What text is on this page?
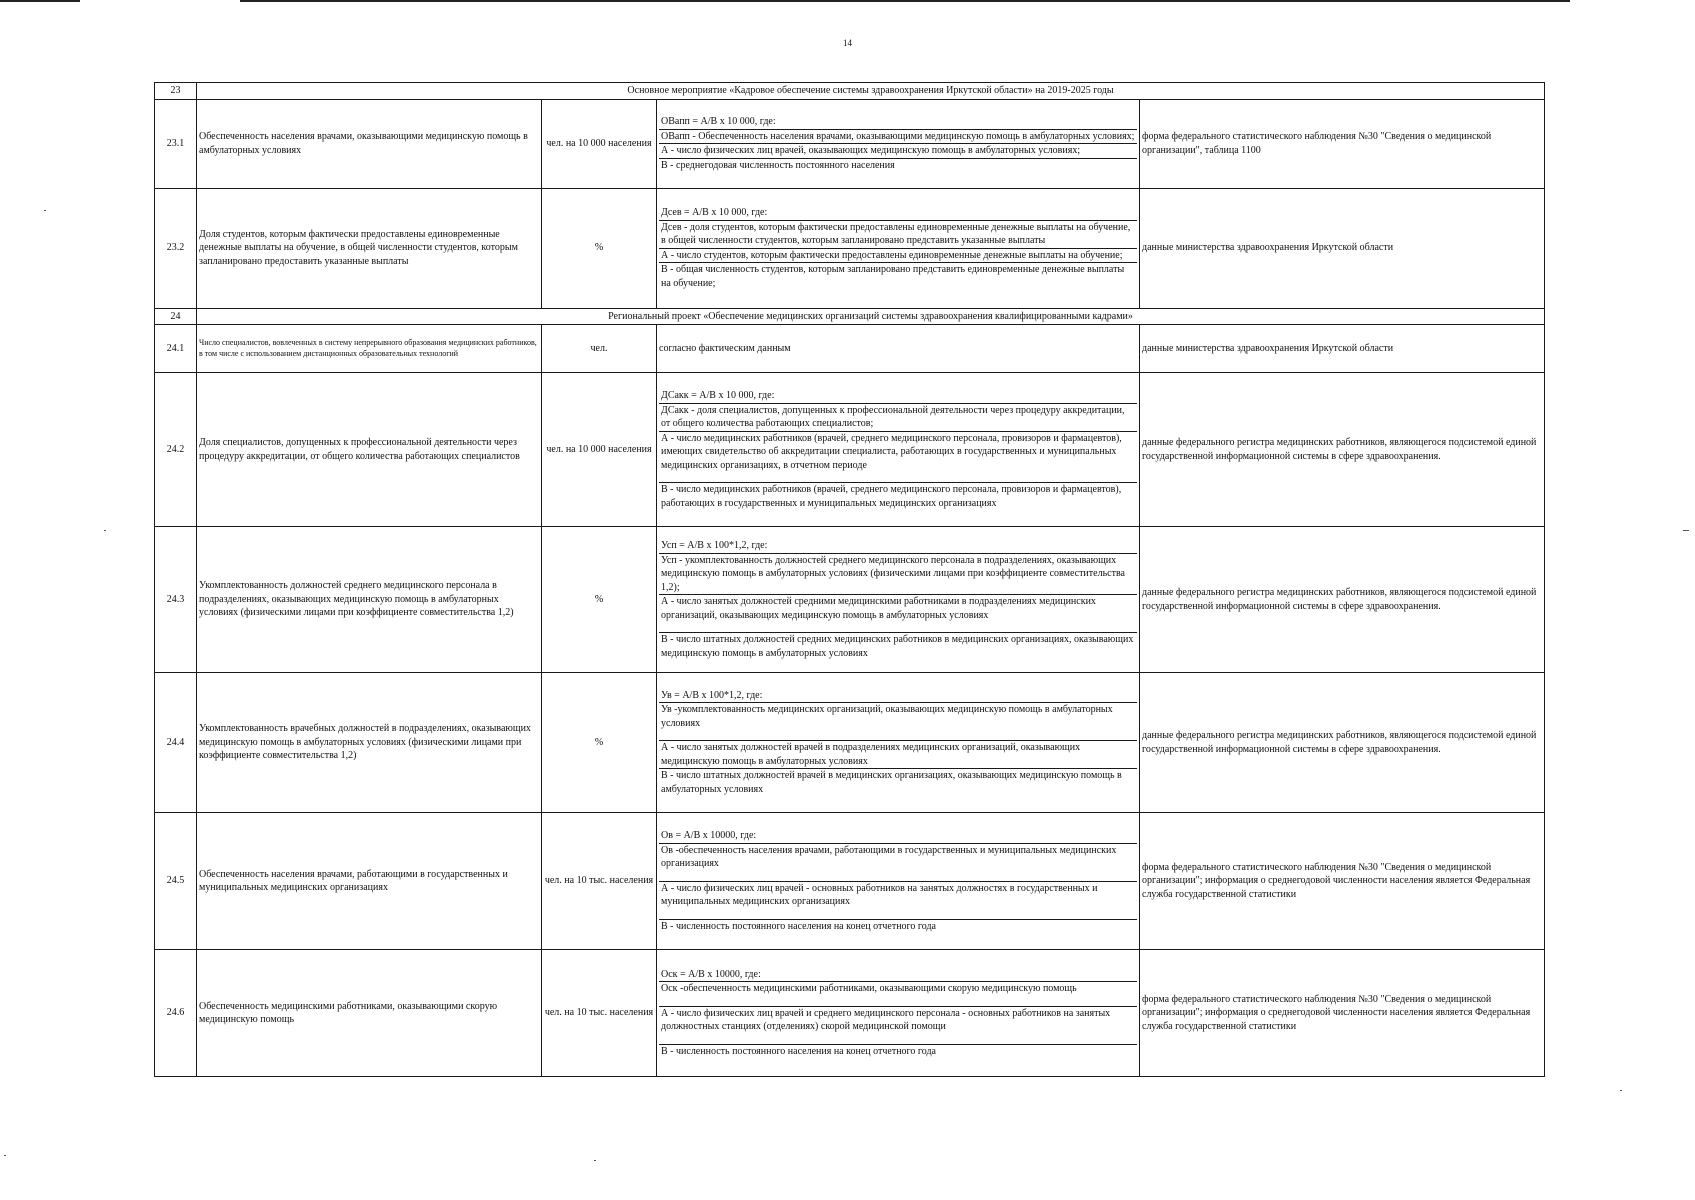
14
23	Основное мероприятие «Кадровое обеспечение системы здравоохранения Иркутской области» на 2019-2025 годы			
23.1	Обеспеченность населения врачами, оказывающими медицинскую помощь в амбулаторных условиях	чел. на 10 000 населения	ОВапп = А/В х 10 000, где:
ОВапп - Обеспеченность населения врачами, оказывающими медицинскую помощь в амбулаторных условиях;
А - число физических лиц врачей, оказывающих медицинскую помощь в амбулаторных условиях;
В - среднегодовая численность постоянного населения	форма федерального статистического наблюдения №30 "Сведения о медицинской организации", таблица 1100
23.2	Доля студентов, которым фактически предоставлены единовременные денежные выплаты на обучение, в общей численности студентов, которым запланировано предоставить указанные выплаты	%	Дсев = А/В х 10 000, где:
Дсев - доля студентов, которым фактически предоставлены единовременные денежные выплаты на обучение, в общей численности студентов, которым запланировано представить указанные выплаты
А - число студентов, которым фактически предоставлены единовременные денежные выплаты на обучение;
В - общая численность студентов, которым запланировано представить единовременные денежные выплаты на обучение;	данные министерства здравоохранения Иркутской области
24	Региональный проект «Обеспечение медицинских организаций системы здравоохранения квалифицированными кадрами»			
24.1	Число специалистов, вовлеченных в систему непрерывного образования медицинских работников, в том числе с использованием дистанционных образовательных технологий	чел.	согласно фактическим данным	данные министерства здравоохранения Иркутской области
24.2	Доля специалистов, допущенных к профессиональной деятельности через процедуру аккредитации, от общего количества работающих специалистов	чел. на 10 000 населения	ДСакк = А/В х 10 000, где:
ДСакк - доля специалистов, допущенных к профессиональной деятельности через процедуру аккредитации, от общего количества работающих специалистов;
А - число медицинских работников (врачей, среднего медицинского персонала, провизоров и фармацевтов), имеющих свидетельство об аккредитации специалиста, работающих в государственных и муниципальных медицинских организациях, в отчетном периоде
В - число медицинских работников (врачей, среднего медицинского персонала, провизоров и фармацевтов), работающих в государственных и муниципальных медицинских организациях	данные федерального регистра медицинских работников, являющегося подсистемой единой государственной информационной системы в сфере здравоохранения.
24.3	Укомплектованность должностей среднего медицинского персонала в подразделениях, оказывающих медицинскую помощь в амбулаторных условиях (физическими лицами при коэффициенте совместительства 1,2)	%	Усп = А/В х 100*1,2, где:
Усп - укомплектованность должностей среднего медицинского персонала в подразделениях, оказывающих медицинскую помощь в амбулаторных условиях (физическими лицами при коэффициенте совместительства 1,2);
А - число занятых должностей средними медицинскими работниками в подразделениях медицинских организаций, оказывающих медицинскую помощь в амбулаторных условиях
В - число штатных должностей средних медицинских работников в медицинских организациях, оказывающих медицинскую помощь в амбулаторных условиях	данные федерального регистра медицинских работников, являющегося подсистемой единой государственной информационной системы в сфере здравоохранения.
24.4	Укомплектованность врачебных должностей в подразделениях, оказывающих медицинскую помощь в амбулаторных условиях (физическими лицами при коэффициенте совместительства 1,2)	%	Ув = А/В х 100*1,2, где:
Ув -укомплектованность медицинских организаций, оказывающих медицинскую помощь в амбулаторных условиях
А - число занятых должностей врачей в подразделениях медицинских организаций, оказывающих медицинскую помощь в амбулаторных условиях
В - число штатных должностей врачей в медицинских организациях, оказывающих медицинскую помощь в амбулаторных условиях	данные федерального регистра медицинских работников, являющегося подсистемой единой государственной информационной системы в сфере здравоохранения.
24.5	Обеспеченность населения врачами, работающими в государственных и муниципальных медицинских организациях	чел. на 10 тыс. населения	Ов = А/В х 10000, где:
Ов -обеспеченность населения врачами, работающими в государственных и муниципальных медицинских организациях
А - число физических лиц врачей - основных работников на занятых должностях в государственных и муниципальных медицинских организациях
В - численность постоянного населения на конец отчетного года	форма федерального статистического наблюдения №30 "Сведения о медицинской организации"; информация о среднегодовой численности населения является Федеральная служба государственной статистики
24.6	Обеспеченность медицинскими работниками, оказывающими скорую медицинскую помощь	чел. на 10 тыс. населения	Оск = А/В х 10000, где:
Оск -обеспеченность медицинскими работниками, оказывающими скорую медицинскую помощь
А - число физических лиц врачей и среднего медицинского персонала - основных работников на занятых должностных станциях (отделениях) скорой медицинской помощи
В - численность постоянного населения на конец отчетного года	форма федерального статистического наблюдения №30 "Сведения о медицинской организации"; информация о среднегодовой численности населения является Федеральная служба государственной статистики
